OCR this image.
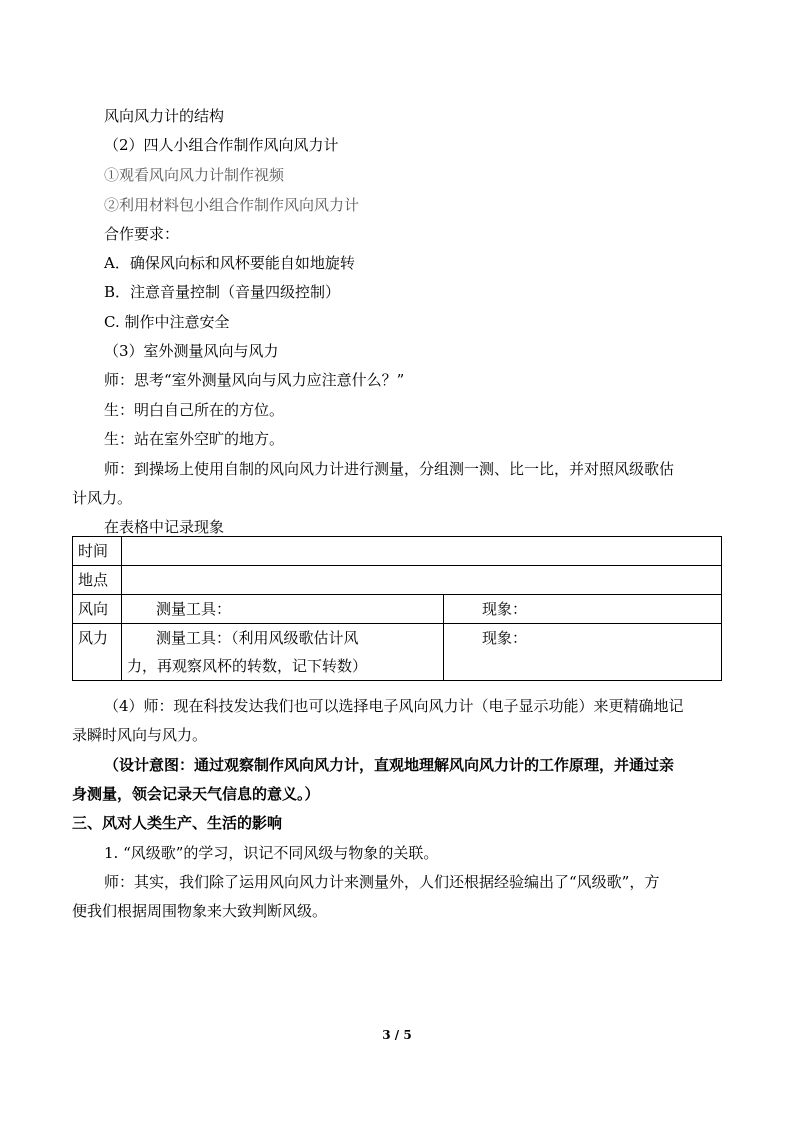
风向风力计的结构
（2）四人小组合作制作风向风力计
①观看风向风力计制作视频
②利用材料包小组合作制作风向风力计
合作要求：
A．确保风向标和风杯要能自如地旋转
B．注意音量控制（音量四级控制）
C. 制作中注意安全
（3）室外测量风向与风力
师：思考“室外测量风向与风力应注意什么？”
生：明白自己所在的方位。
生：站在室外空旷的地方。
师：到操场上使用自制的风向风力计进行测量，分组测一测、比一比，并对照风级歌估
计风力。
在表格中记录现象
时间		
地点		
风向	测量工具：	现象：
风力	测量工具：（利用风级歌估计风
力，再观察风杯的转数，记下转数）	现象：
（4）师：现在科技发达我们也可以选择电子风向风力计（电子显示功能）来更精确地记
录瞬时风向与风力。
（设计意图：通过观察制作风向风力计，直观地理解风向风力计的工作原理，并通过亲
身测量，领会记录天气信息的意义。）
三、风对人类生产、生活的影响
1. “风级歌”的学习，识记不同风级与物象的关联。
师：其实，我们除了运用风向风力计来测量外，人们还根据经验编出了“风级歌”，方
便我们根据周围物象来大致判断风级。
3 / 5
